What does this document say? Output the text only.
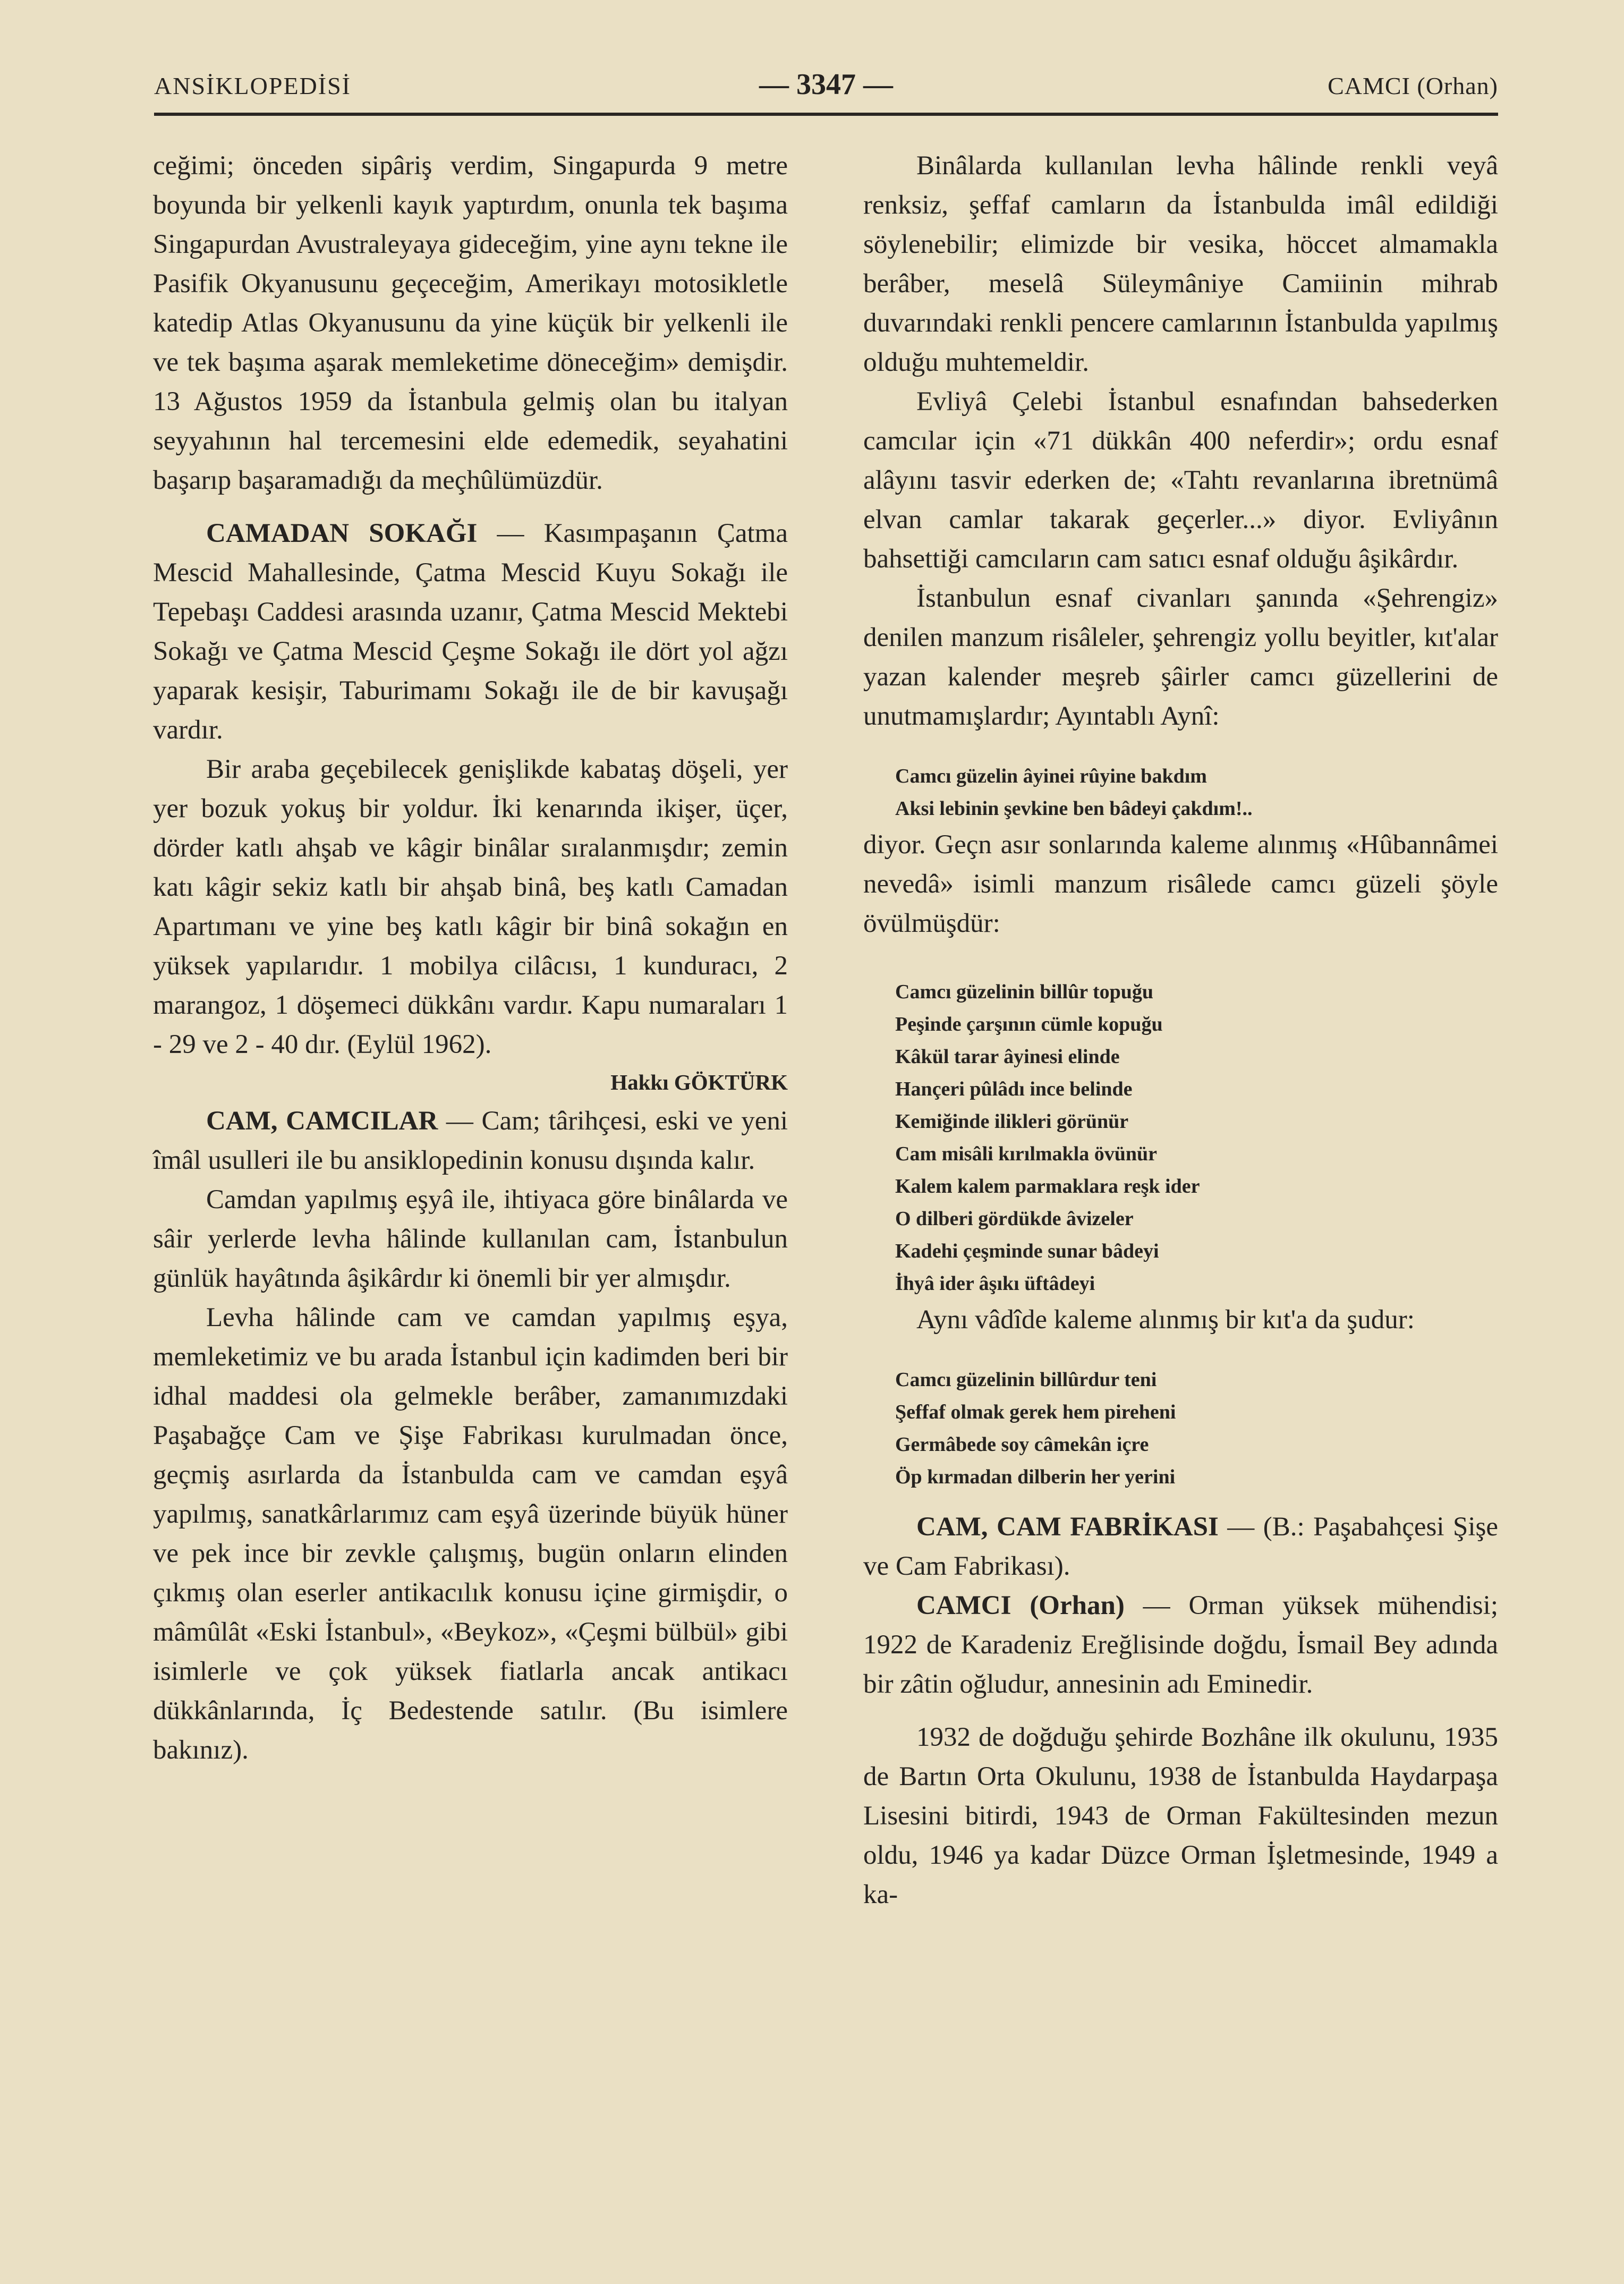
ANSİKLOPEDİSİ	— 3347 —	CAMCI (Orhan)

ceğimi; önceden sipâriş verdim, Singapurda 9 metre boyunda bir yelkenli kayık yaptırdım, onunla tek başıma Singapurdan Avustraleyaya gideceğim, yine aynı tekne ile Pasifik Okyanusunu geçeceğim, Amerikayı motosikletle katedip Atlas Okyanusunu da yine küçük bir yelkenli ile ve tek başıma aşarak memleketime döneceğim» demişdir. 13 Ağustos 1959 da İstanbula gelmiş olan bu italyan seyyahının hal tercemesini elde edemedik, seyahatini başarıp başaramadığı da meçhûlümüzdür.

CAMADAN SOKAĞI — Kasımpaşanın Çatma Mescid Mahallesinde, Çatma Mescid Kuyu Sokağı ile Tepebaşı Caddesi arasında uzanır, Çatma Mescid Mektebi Sokağı ve Çatma Mescid Çeşme Sokağı ile dört yol ağzı yaparak kesişir, Taburimamı Sokağı ile de bir kavuşağı vardır.

Bir araba geçebilecek genişlikde kabataş döşeli, yer yer bozuk yokuş bir yoldur. İki kenarında ikişer, üçer, dörder katlı ahşab ve kâgir binâlar sıralanmışdır; zemin katı kâgir sekiz katlı bir ahşab binâ, beş katlı Camadan Apartımanı ve yine beş katlı kâgir bir binâ sokağın en yüksek yapılarıdır. 1 mobilya cilâcısı, 1 kunduracı, 2 marangoz, 1 döşemeci dükkânı vardır. Kapu numaraları 1 - 29 ve 2 - 40 dır. (Eylül 1962).

Hakkı GÖKTÜRK

CAM, CAMCILAR — Cam; târihçesi, eski ve yeni îmâl usulleri ile bu ansiklopedinin konusu dışında kalır.

Camdan yapılmış eşyâ ile, ihtiyaca göre binâlarda ve sâir yerlerde levha hâlinde kullanılan cam, İstanbulun günlük hayâtında âşikârdır ki önemli bir yer almışdır.

Levha hâlinde cam ve camdan yapılmış eşya, memleketimiz ve bu arada İstanbul için kadimden beri bir idhal maddesi ola gelmekle berâber, zamanımızdaki Paşabağçe Cam ve Şişe Fabrikası kurulmadan önce, geçmiş asırlarda da İstanbulda cam ve camdan eşyâ yapılmış, sanatkârlarımız cam eşyâ üzerinde büyük hüner ve pek ince bir zevkle çalışmış, bugün onların elinden çıkmış olan eserler antikacılık konusu içine girmişdir, o mâmûlât «Eski İstanbul», «Beykoz», «Çeşmi bülbül» gibi isimlerle ve çok yüksek fiatlarla ancak antikacı dükkânlarında, İç Bedestende satılır. (Bu isimlere bakınız).

Binâlarda kullanılan levha hâlinde renkli veyâ renksiz, şeffaf camların da İstanbulda imâl edildiği söylenebilir; elimizde bir vesika, höccet almamakla berâber, meselâ Süleymâniye Camiinin mihrab duvarındaki renkli pencere camlarının İstanbulda yapılmış olduğu muhtemeldir.

Evliyâ Çelebi İstanbul esnafından bahsederken camcılar için «71 dükkân 400 neferdir»; ordu esnaf alâyını tasvir ederken de; «Tahtı revanlarına ibretnümâ elvan camlar takarak geçerler...» diyor. Evliyânın bahsettiği camcıların cam satıcı esnaf olduğu âşikârdır.

İstanbulun esnaf civanları şanında «Şehrengiz» denilen manzum risâleler, şehrengiz yollu beyitler, kıt'alar yazan kalender meşreb şâirler camcı güzellerini de unutmamışlardır; Ayıntablı Aynî:

Camcı güzelin âyinei rûyine bakdım
Aksi lebinin şevkine ben bâdeyi çakdım!..

diyor. Geçn asır sonlarında kaleme alınmış «Hûbannâmei nevedâ» isimli manzum risâlede camcı güzeli şöyle övülmüşdür:

Camcı güzelinin billûr topuğu
Peşinde çarşının cümle kopuğu
Kâkül tarar âyinesi elinde
Hançeri pûlâdı ince belinde
Kemiğinde ilikleri görünür
Cam misâli kırılmakla övünür
Kalem kalem parmaklara reşk ider
O dilberi gördükde âvizeler
Kadehi çeşminde sunar bâdeyi
İhyâ ider âşıkı üftâdeyi

Aynı vâdîde kaleme alınmış bir kıt'a da şudur:

Camcı güzelinin billûrdur teni
Şeffaf olmak gerek hem pireheni
Germâbede soy câmekân içre
Öp kırmadan dilberin her yerini

CAM, CAM FABRİKASI — (B.: Paşabahçesi Şişe ve Cam Fabrikası).

CAMCI (Orhan) — Orman yüksek mühendisi; 1922 de Karadeniz Ereğlisinde doğdu, İsmail Bey adında bir zâtin oğludur, annesinin adı Eminedir.

1932 de doğduğu şehirde Bozhâne ilk okulunu, 1935 de Bartın Orta Okulunu, 1938 de İstanbulda Haydarpaşa Lisesini bitirdi, 1943 de Orman Fakültesinden mezun oldu, 1946 ya kadar Düzce Orman İşletmesinde, 1949 a ka-
